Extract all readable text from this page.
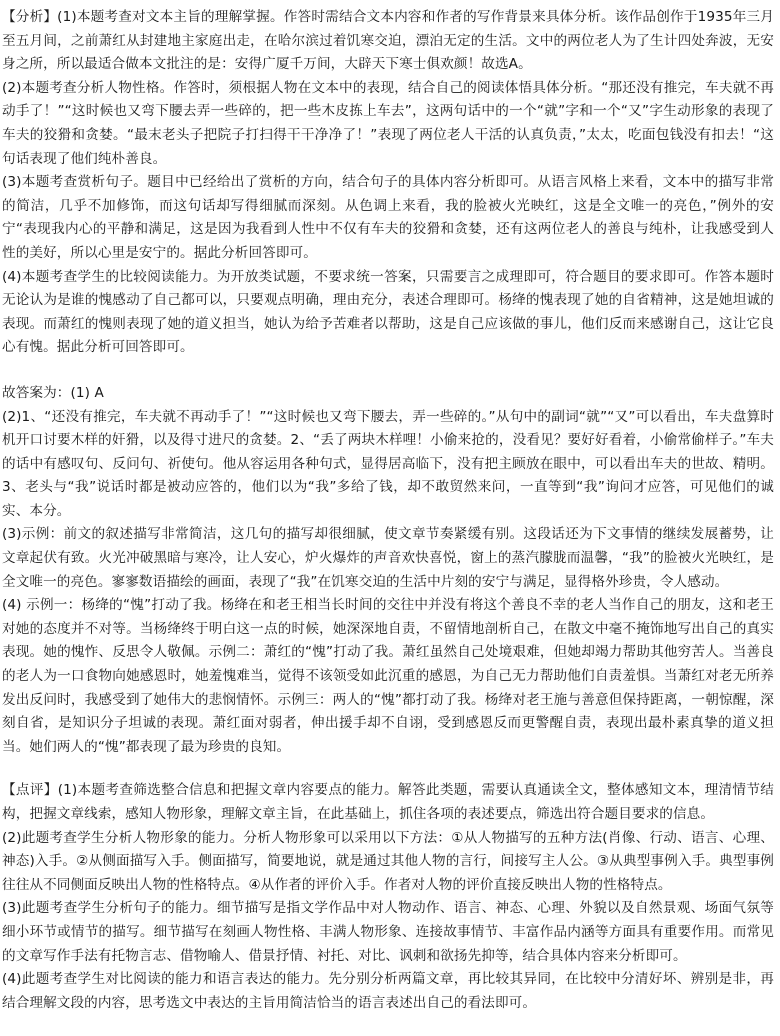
【分析】(1)本题考查对文本主旨的理解掌握。作答时需结合文本内容和作者的写作背景来具体分析。该作品创作于1935年三月至五月间，之前萧红从封建地主家庭出走，在哈尔滨过着饥寒交迫，漂泊无定的生活。文中的两位老人为了生计四处奔波，无安身之所，所以最适合做本文批注的是：安得广厦千万间，大辟天下寒士俱欢颜！故选A。

(2)本题考查分析人物性格。作答时，须根据人物在文本中的表现，结合自己的阅读体悟具体分析。“那还没有推完，车夫就不再动手了！”“这时候也又弯下腰去弄一些碎的，把一些木皮拣上车去”，这两句话中的一个“就”字和一个“又”字生动形象的表现了车夫的狡猾和贪婪。“最末老头子把院子打扫得干干净净了！”表现了两位老人干活的认真负责，”太太，吃面包钱没有扣去！“这句话表现了他们纯朴善良。

(3)本题考查赏析句子。题目中已经给出了赏析的方向，结合句子的具体内容分析即可。从语言风格上来看，文本中的描写非常的简洁，几乎不加修饰，而这句话却写得细腻而深刻。从色调上来看，我的脸被火光映红，这是全文唯一的亮色，”例外的安宁“表现我内心的平静和满足，这是因为我看到人性中不仅有车夫的狡猾和贪婪，还有这两位老人的善良与纯朴，让我感受到人性的美好，所以心里是安宁的。据此分析回答即可。

(4)本题考查学生的比较阅读能力。为开放类试题，不要求统一答案，只需要言之成理即可，符合题目的要求即可。作答本题时无论认为是谁的愧感动了自己都可以，只要观点明确，理由充分，表述合理即可。杨绛的愧表现了她的自省精神，这是她坦诚的表现。而萧红的愧则表现了她的道义担当，她认为给予苦难者以帮助，这是自己应该做的事儿，他们反而来感谢自己，这让它良心有愧。据此分析可回答即可。

故答案为：(1) A

(2)1、“还没有推完，车夫就不再动手了！”“这时候也又弯下腰去，弄一些碎的。”从句中的副词“就”“又”可以看出，车夫盘算时机开口讨要木样的奸猾，以及得寸进尺的贪婪。2、“丢了两块木样哩！小偷来抢的，没看见？要好好看着，小偷常偷样子。”车夫的话中有感叹句、反问句、祈使句。他从容运用各种句式，显得居高临下，没有把主顾放在眼中，可以看出车夫的世故、精明。3、老头与“我”说话时都是被动应答的，他们以为“我”多给了钱，却不敢贸然来问，一直等到“我”询问才应答，可见他们的诚实、本分。

(3)示例：前文的叙述描写非常简洁，这几句的描写却很细腻，使文章节奏紧缓有别。这段话还为下文事情的继续发展蓄势，让文章起伏有致。火光冲破黑暗与寒冷，让人安心，炉火爆炸的声音欢快喜悦，窗上的蒸汽朦胧而温馨，“我”的脸被火光映红，是全文唯一的亮色。寥寥数语描绘的画面，表现了“我”在饥寒交迫的生活中片刻的安宁与满足，显得格外珍贵，令人感动。

(4) 示例一：杨绛的“愧”打动了我。杨绛在和老王相当长时间的交往中并没有将这个善良不幸的老人当作自己的朋友，这和老王对她的态度并不对等。当杨绛终于明白这一点的时候，她深深地自责，不留情地剖析自己，在散文中毫不掩饰地写出自己的真实表现。她的愧怍、反思令人敬佩。示例二：萧红的“愧”打动了我。萧红虽然自己处境艰难，但她却竭力帮助其他穷苦人。当善良的老人为一口食物向她感恩时，她羞愧难当，觉得不该领受如此沉重的感恩，为自己无力帮助他们自责羞惧。当萧红对老无所养发出反问时，我感受到了她伟大的悲悯情怀。示例三：两人的“愧”都打动了我。杨绛对老王施与善意但保持距离，一朝惊醒，深刻自省，是知识分子坦诚的表现。萧红面对弱者，伸出援手却不自诩，受到感恩反而更警醒自责，表现出最朴素真挚的道义担当。她们两人的“愧”都表现了最为珍贵的良知。

【点评】(1)本题考查筛选整合信息和把握文章内容要点的能力。解答此类题，需要认真通读全文，整体感知文本，理清情节结构，把握文章线索，感知人物形象，理解文章主旨，在此基础上，抓住各项的表述要点，筛选出符合题目要求的信息。

(2)此题考查学生分析人物形象的能力。分析人物形象可以采用以下方法：①从人物描写的五种方法(肖像、行动、语言、心理、神态)入手。②从侧面描写入手。侧面描写，简要地说，就是通过其他人物的言行，间接写主人公。③从典型事例入手。典型事例往往从不同侧面反映出人物的性格特点。④从作者的评价入手。作者对人物的评价直接反映出人物的性格特点。

(3)此题考查学生分析句子的能力。细节描写是指文学作品中对人物动作、语言、神态、心理、外貌以及自然景观、场面气氛等细小环节或情节的描写。细节描写在刻画人物性格、丰满人物形象、连接故事情节、丰富作品内涵等方面具有重要作用。而常见的文章写作手法有托物言志、借物喻人、借景抒情、衬托、对比、讽刺和欲扬先抑等，结合具体内容来分析即可。

(4)此题考查学生对比阅读的能力和语言表达的能力。先分别分析两篇文章，再比较其异同，在比较中分清好坏、辨别是非，再结合理解文段的内容，思考选文中表达的主旨用简洁恰当的语言表述出自己的看法即可。
